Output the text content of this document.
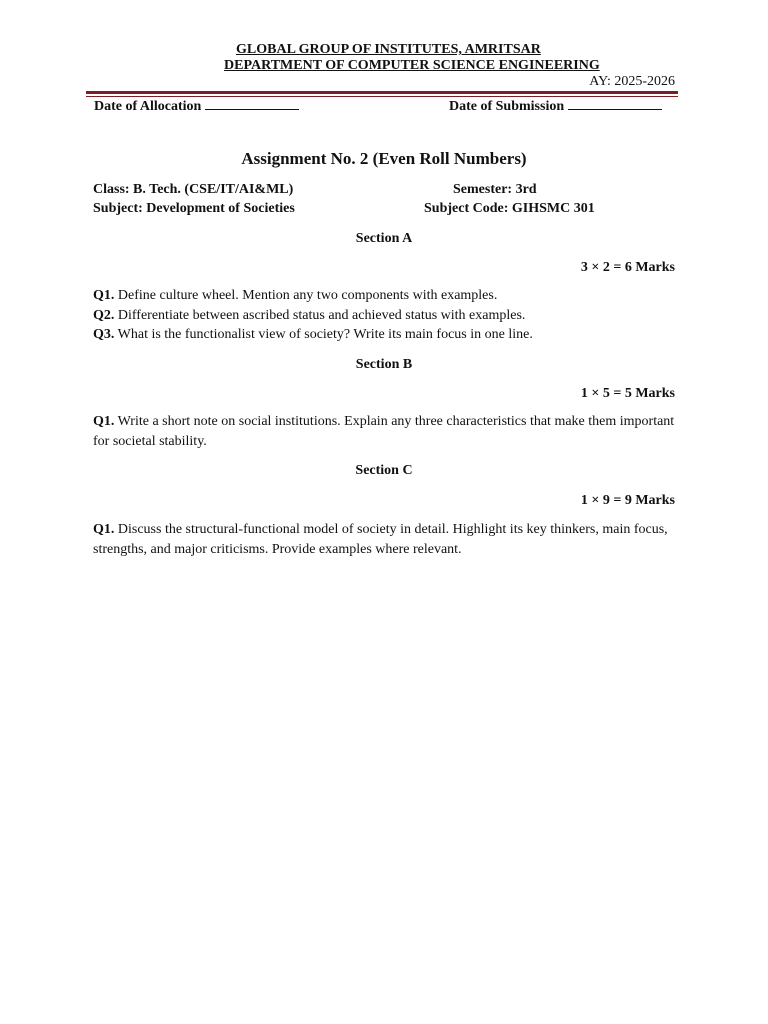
GLOBAL GROUP OF INSTITUTES, AMRITSAR
DEPARTMENT OF COMPUTER SCIENCE ENGINEERING
AY: 2025-2026
Date of Allocation	Date of Submission
Assignment No. 2 (Even Roll Numbers)
Class: B. Tech. (CSE/IT/AI&ML)	Semester: 3rd
Subject: Development of Societies	Subject Code: GIHSMC 301
Section A
3 × 2 = 6 Marks
Q1. Define culture wheel. Mention any two components with examples.
Q2. Differentiate between ascribed status and achieved status with examples.
Q3. What is the functionalist view of society? Write its main focus in one line.
Section B
1 × 5 = 5 Marks
Q1. Write a short note on social institutions. Explain any three characteristics that make them important for societal stability.
Section C
1 × 9 = 9 Marks
Q1. Discuss the structural-functional model of society in detail. Highlight its key thinkers, main focus, strengths, and major criticisms. Provide examples where relevant.
